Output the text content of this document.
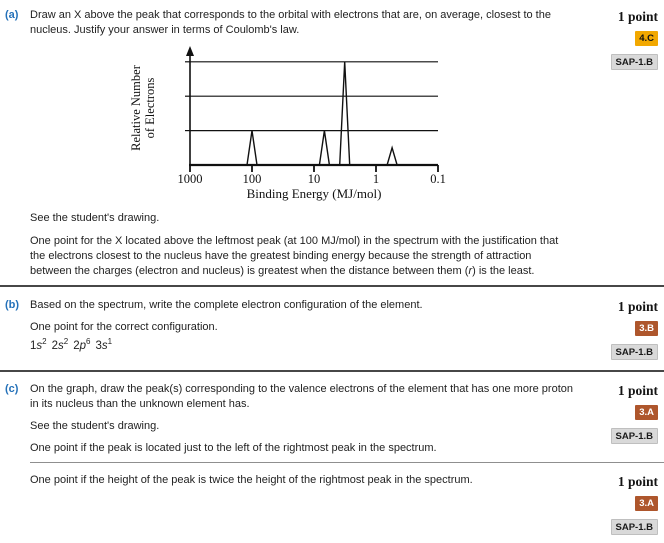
(a)	Draw an X above the peak that corresponds to the orbital with electrons that are, on average, closest to the nucleus. Justify your answer in terms of Coulomb's law.

1000	100	10	1	0.1
Binding Energy (MJ/mol)
Relative Number of Electrons

See the student's drawing.

One point for the X located above the leftmost peak (at 100 MJ/mol) in the spectrum with the justification that the electrons closest to the nucleus have the greatest binding energy because the strength of attraction between the charges (electron and nucleus) is greatest when the distance between them (r) is the least.

1 point
4.C
SAP-1.B
(b) Based on the spectrum, write the complete electron configuration of the element.

One point for the correct configuration.

$1s^2$ $2s^2$ $2p^6$ $3s^1$

1 point
3.B
SAP-1.B
(c)	On the graph, draw the peak(s) corresponding to the valence electrons of the element that has one more proton in its nucleus than the unknown element has.

See the student's drawing.

One point if the peak is located just to the left of the rightmost peak in the spectrum.

1 point
3.A
SAP-1.B

One point if the height of the peak is twice the height of the rightmost peak in the spectrum.	1 point
3.A
SAP-1.B
